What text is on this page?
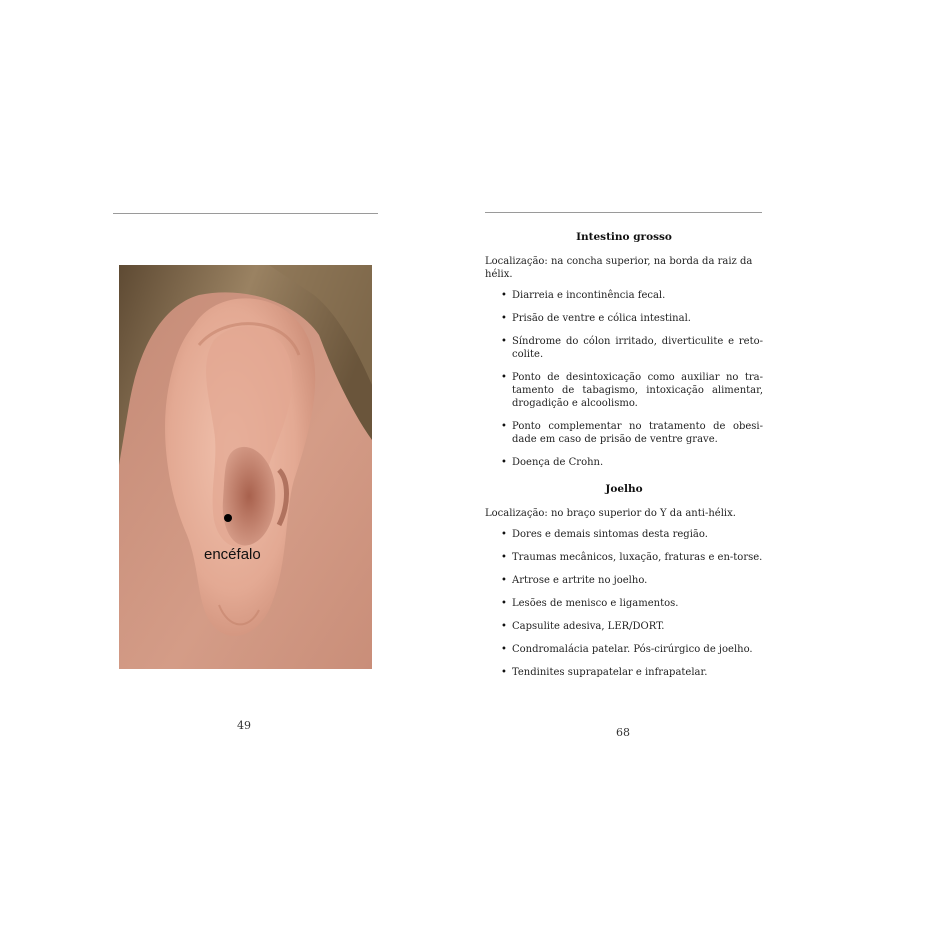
encéfalo
49
Intestino grosso

Localização: na concha superior, na borda da raiz da hélix.

• Diarreia e incontinência fecal.
• Prisão de ventre e cólica intestinal.
• Síndrome do cólon irritado, diverticulite e reto-colite.
• Ponto de desintoxicação como auxiliar no tra-tamento de tabagismo, intoxicação alimentar, drogadição e alcoolismo.
• Ponto complementar no tratamento de obesi-dade em caso de prisão de ventre grave.
• Doença de Crohn.
Joelho

Localização: no braço superior do Y da anti-hélix.

• Dores e demais sintomas desta região.
• Traumas mecânicos, luxação, fraturas e en-torse.
• Artrose e artrite no joelho.
• Lesões de menisco e ligamentos.
• Capsulite adesiva, LER/DORT.
• Condromalácia patelar. Pós-cirúrgico de joelho.
• Tendinites suprapatelar e infrapatelar.
68
